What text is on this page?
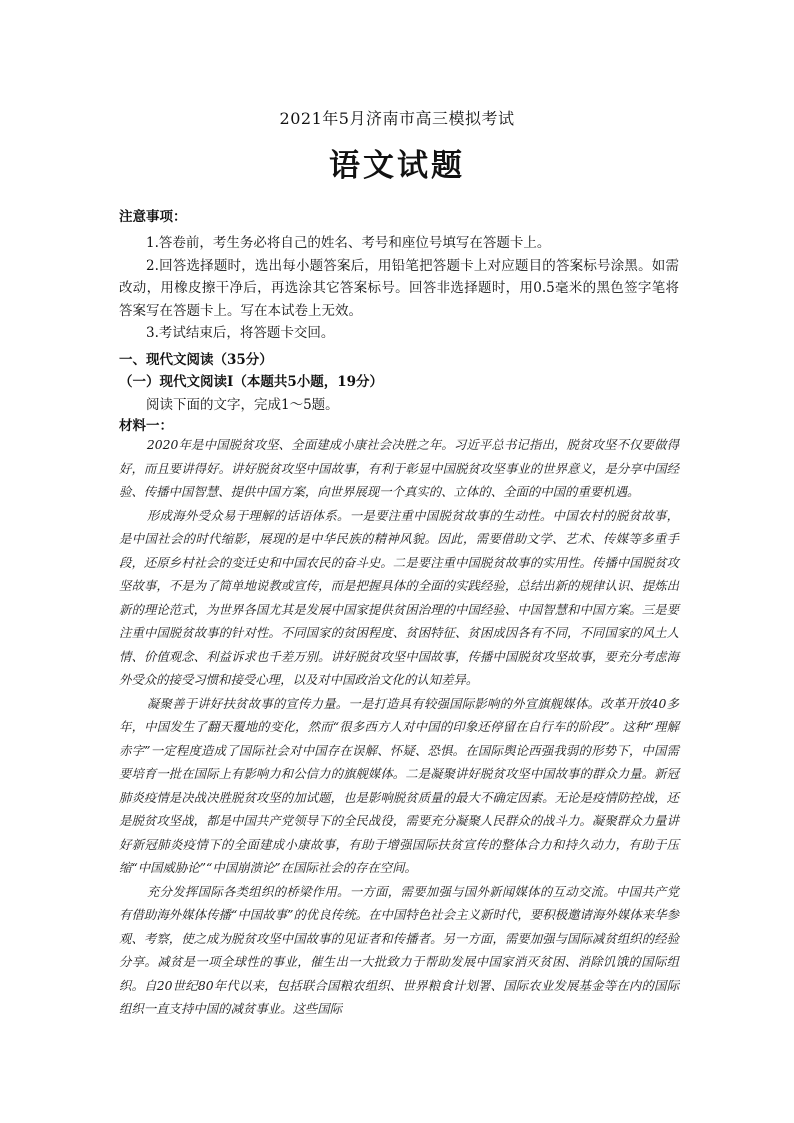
2021年5月济南市高三模拟考试
语文试题
注意事项：

1.答卷前，考生务必将自己的姓名、考号和座位号填写在答题卡上。

2.回答选择题时，选出每小题答案后，用铅笔把答题卡上对应题目的答案标号涂黑。如需改动，用橡皮擦干净后，再选涂其它答案标号。回答非选择题时，用0.5毫米的黑色签字笔将答案写在答题卡上。写在本试卷上无效。

3.考试结束后，将答题卡交回。

一、现代文阅读（35分）
（一）现代文阅读Ⅰ（本题共5小题，19分）
阅读下面的文字，完成1～5题。
材料一：

2020年是中国脱贫攻坚、全面建成小康社会决胜之年。习近平总书记指出，脱贫攻坚不仅要做得好，而且要讲得好。讲好脱贫攻坚中国故事，有利于彰显中国脱贫攻坚事业的世界意义，是分享中国经验、传播中国智慧、提供中国方案，向世界展现一个真实的、立体的、全面的中国的重要机遇。

形成海外受众易于理解的话语体系。一是要注重中国脱贫故事的生动性。中国农村的脱贫故事，是中国社会的时代缩影，展现的是中华民族的精神风貌。因此，需要借助文学、艺术、传媒等多重手段，还原乡村社会的变迁史和中国农民的奋斗史。二是要注重中国脱贫故事的实用性。传播中国脱贫攻坚故事，不是为了简单地说教或宣传，而是把握具体的全面的实践经验，总结出新的规律认识、提炼出新的理论范式，为世界各国尤其是发展中国家提供贫困治理的中国经验、中国智慧和中国方案。三是要注重中国脱贫故事的针对性。不同国家的贫困程度、贫困特征、贫困成因各有不同，不同国家的风土人情、价值观念、利益诉求也千差万别。讲好脱贫攻坚中国故事，传播中国脱贫攻坚故事，要充分考虑海外受众的接受习惯和接受心理，以及对中国政治文化的认知差异。

凝聚善于讲好扶贫故事的宣传力量。一是打造具有较强国际影响的外宣旗舰媒体。改革开放40多年，中国发生了翻天覆地的变化，然而“很多西方人对中国的印象还停留在自行车的阶段”。这种“理解赤字”一定程度造成了国际社会对中国存在误解、怀疑、恐惧。在国际舆论西强我弱的形势下，中国需要培育一批在国际上有影响力和公信力的旗舰媒体。二是凝聚讲好脱贫攻坚中国故事的群众力量。新冠肺炎疫情是决战决胜脱贫攻坚的加试题，也是影响脱贫质量的最大不确定因素。无论是疫情防控战，还是脱贫攻坚战，都是中国共产党领导下的全民战役，需要充分凝聚人民群众的战斗力。凝聚群众力量讲好新冠肺炎疫情下的全面建成小康故事，有助于增强国际扶贫宣传的整体合力和持久动力，有助于压缩“中国威胁论”“中国崩溃论”在国际社会的存在空间。

充分发挥国际各类组织的桥梁作用。一方面，需要加强与国外新闻媒体的互动交流。中国共产党有借助海外媒体传播“中国故事”的优良传统。在中国特色社会主义新时代，要积极邀请海外媒体来华参观、考察，使之成为脱贫攻坚中国故事的见证者和传播者。另一方面，需要加强与国际减贫组织的经验分享。减贫是一项全球性的事业，催生出一大批致力于帮助发展中国家消灭贫困、消除饥饿的国际组织。自20世纪80年代以来，包括联合国粮农组织、世界粮食计划署、国际农业发展基金等在内的国际组织一直支持中国的减贫事业。这些国际
